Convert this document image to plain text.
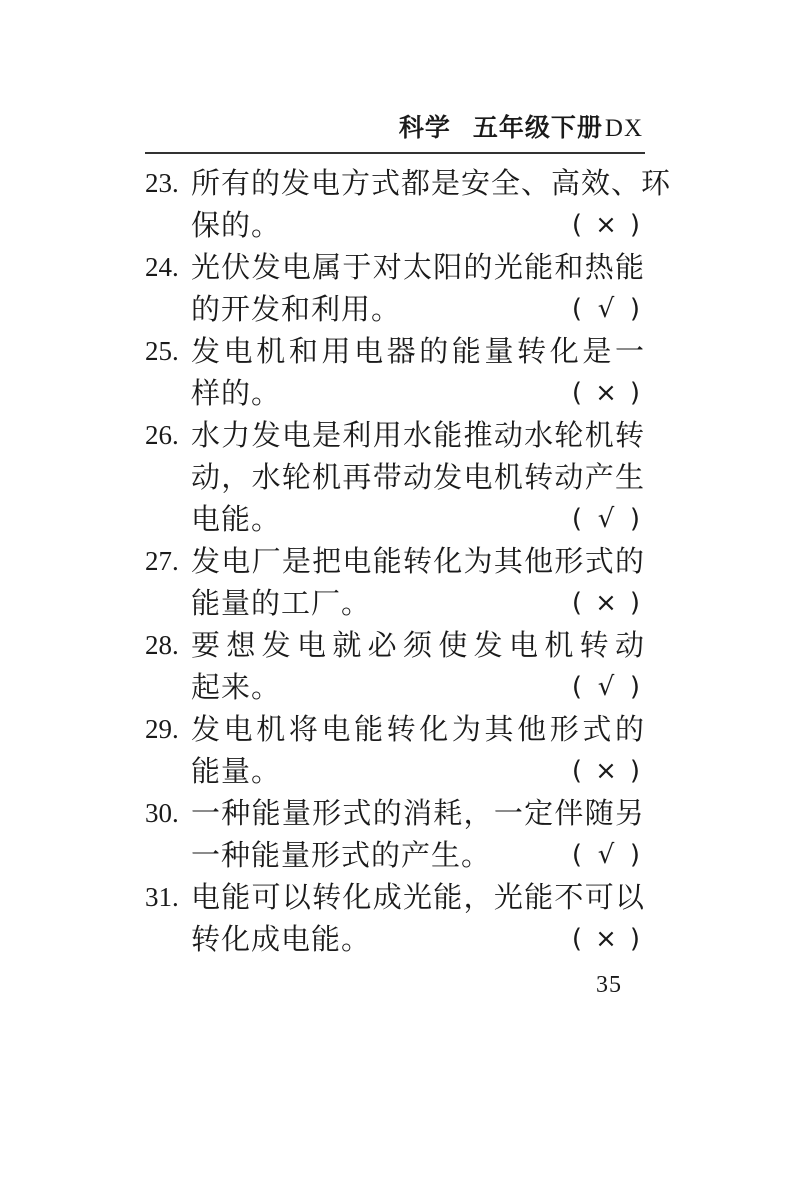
科学 五年级下册DX
23. 所有的发电方式都是安全、高效、环
保的。	( × )
24. 光伏发电属于对太阳的光能和热能
的开发和利用。	( √ )
25. 发电机和用电器的能量转化是一
样的。	( × )
26. 水力发电是利用水能推动水轮机转
动，水轮机再带动发电机转动产生
电能。	( √ )
27. 发电厂是把电能转化为其他形式的
能量的工厂。	( × )
28. 要想发电就必须使发电机转动
起来。	( √ )
29. 发电机将电能转化为其他形式的
能量。	( × )
30. 一种能量形式的消耗，一定伴随另
一种能量形式的产生。	( √ )
31. 电能可以转化成光能，光能不可以
转化成电能。	( × )
35
